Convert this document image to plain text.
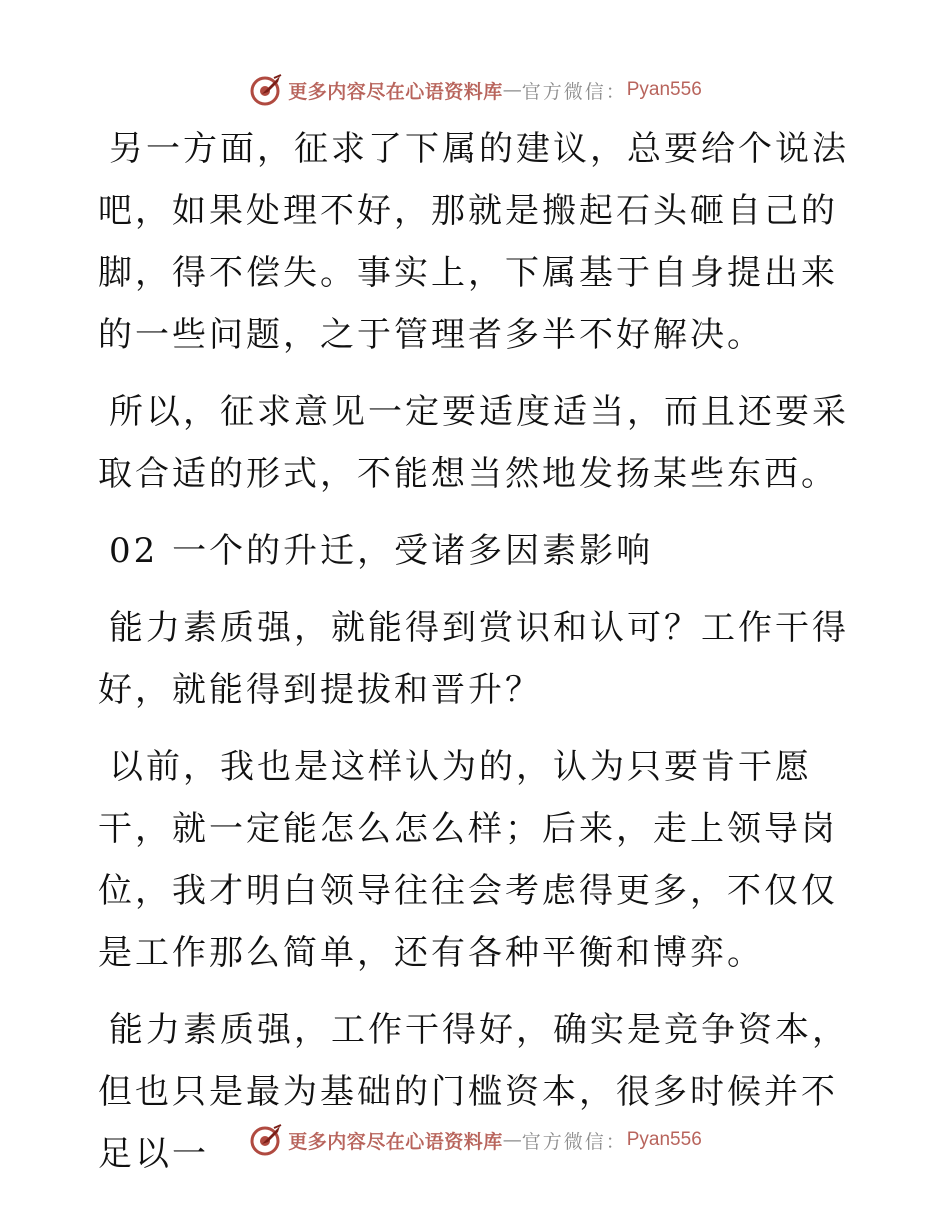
更多内容尽在心语资料库 — 官方微信： Pyan556

另一方面，征求了下属的建议，总要给个说法吧，如果处理不好，那就是搬起石头砸自己的脚，得不偿失。事实上，下属基于自身提出来的一些问题，之于管理者多半不好解决。

所以，征求意见一定要适度适当，而且还要采取合适的形式，不能想当然地发扬某些东西。

02 一个的升迁，受诸多因素影响

能力素质强，就能得到赏识和认可？工作干得好，就能得到提拔和晋升？

以前，我也是这样认为的，认为只要肯干愿干，就一定能怎么怎么样；后来，走上领导岗位，我才明白领导往往会考虑得更多，不仅仅是工作那么简单，还有各种平衡和博弈。

能力素质强，工作干得好，确实是竞争资本，但也只是最为基础的门槛资本，很多时候并不足以一	更多内容尽在心语资料库 — 官方微信： Pyan556
